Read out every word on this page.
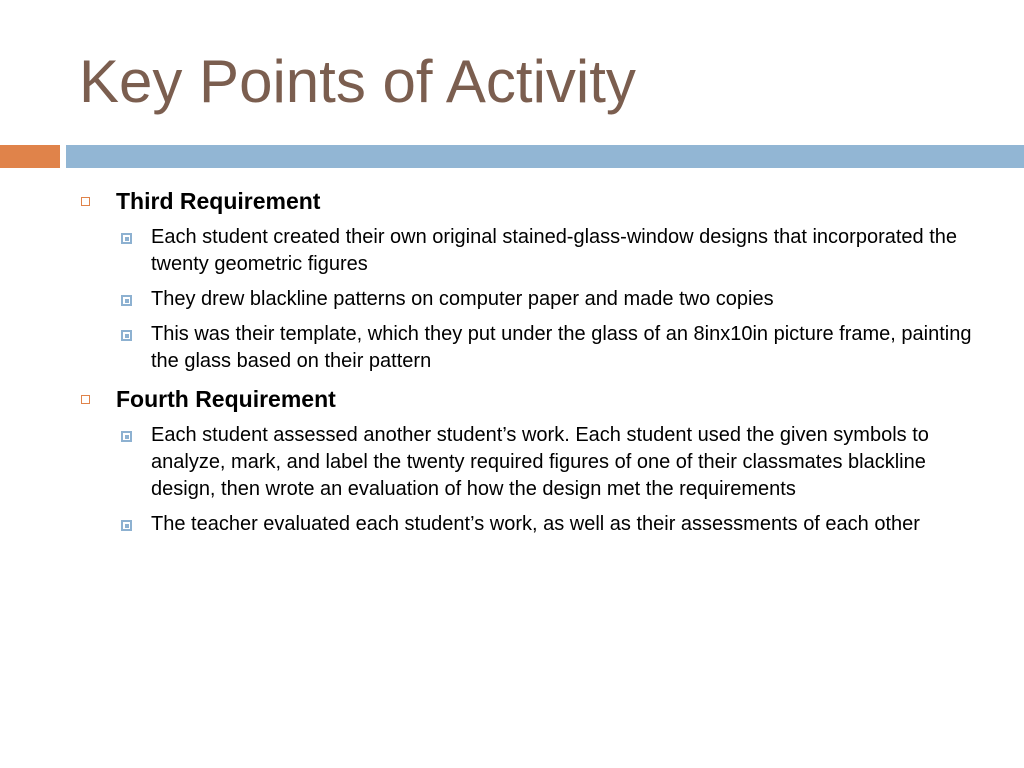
Key Points of Activity
Third Requirement
Each student created their own original stained-glass-window designs that incorporated the twenty geometric figures
They drew blackline patterns on computer paper and made two copies
This was their template, which they put under the glass of an 8inx10in picture frame, painting the glass based on their pattern
Fourth Requirement
Each student assessed another student’s work. Each student used the given symbols to analyze, mark, and label the twenty required figures of one of their classmates blackline design, then wrote an evaluation of how the design met the requirements
The teacher evaluated each student’s work, as well as their assessments of each other
